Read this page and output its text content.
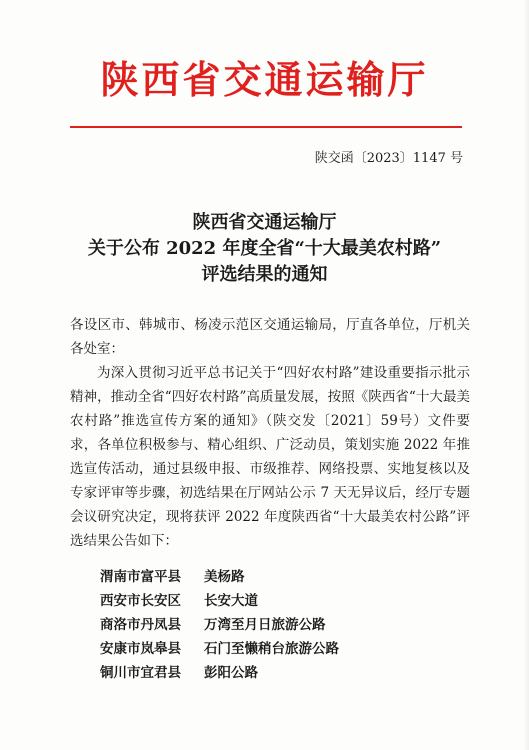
陕西省交通运输厅
陕交函〔2023〕1147 号
陕西省交通运输厅
关于公布 2022 年度全省“十大最美农村路”
评选结果的通知

各设区市、韩城市、杨凌示范区交通运输局，厅直各单位，厅机关各处室：

为深入贯彻习近平总书记关于“四好农村路”建设重要指示批示精神，推动全省“四好农村路”高质量发展，按照《陕西省“十大最美农村路”推选宣传方案的通知》（陕交发〔2021〕59号）文件要求，各单位积极参与、精心组织、广泛动员，策划实施 2022 年推选宣传活动，通过县级申报、市级推荐、网络投票、实地复核以及专家评审等步骤，初选结果在厅网站公示 7 天无异议后，经厅专题会议研究决定，现将获评 2022 年度陕西省“十大最美农村公路”评选结果公告如下：

渭南市富平县	美杨路
西安市长安区	长安大道
商洛市丹凤县	万湾至月日旅游公路
安康市岚皋县	石门至懒稍台旅游公路
铜川市宜君县	彭阳公路
